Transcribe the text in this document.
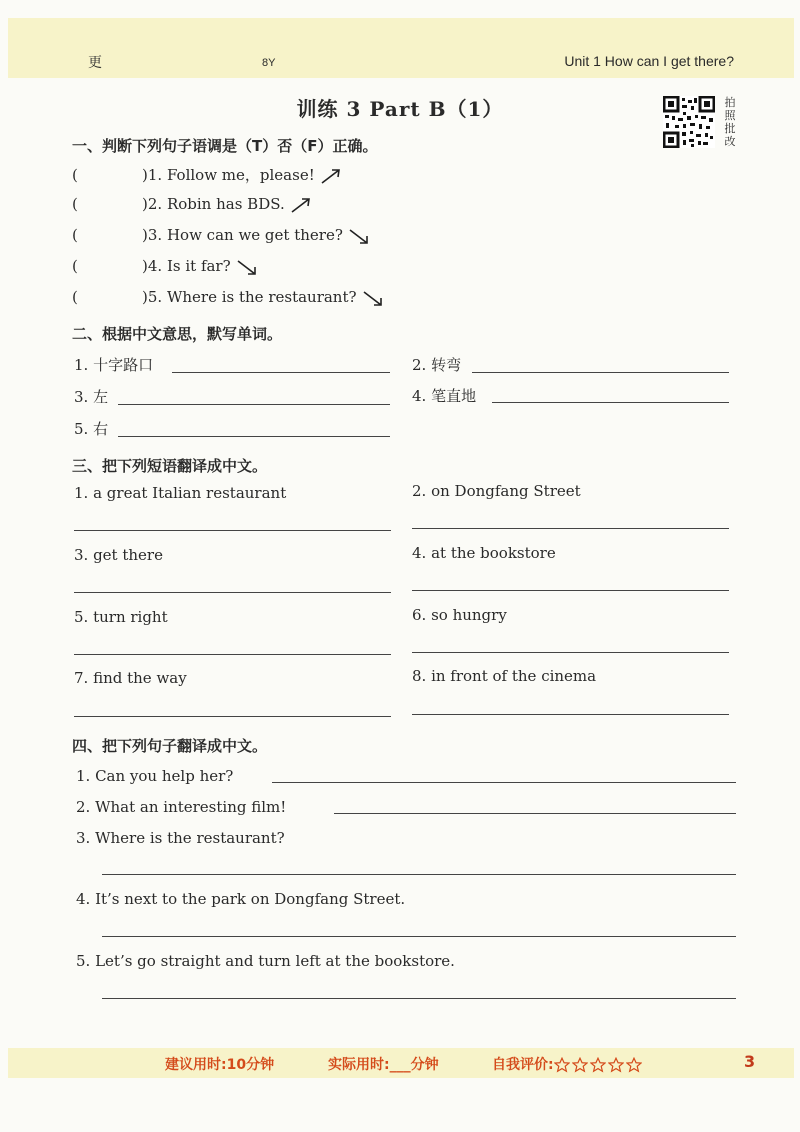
更	8Y	Unit 1 How can I get there?
训练 3 Part B（1）	拍照批改
一、判断下列句子语调是（T）否（F）正确。
(	)1. Follow me，please!
(	)2. Robin has BDS.
(	)3. How can we get there?
(	)4. Is it far?
(	)5. Where is the restaurant?
二、根据中文意思，默写单词。
1. 十字路口	2. 转弯
3. 左	4. 笔直地
5. 右
三、把下列短语翻译成中文。
1. a great Italian restaurant	2. on Dongfang Street
3. get there	4. at the bookstore
5. turn right	6. so hungry
7. find the way	8. in front of the cinema
四、把下列句子翻译成中文。
1. Can you help her?
2. What an interesting film!
3. Where is the restaurant?
4. It’s next to the park on Dongfang Street.
5. Let’s go straight and turn left at the bookstore.
建议用时:10分钟	实际用时:___分钟	自我评价:	3
